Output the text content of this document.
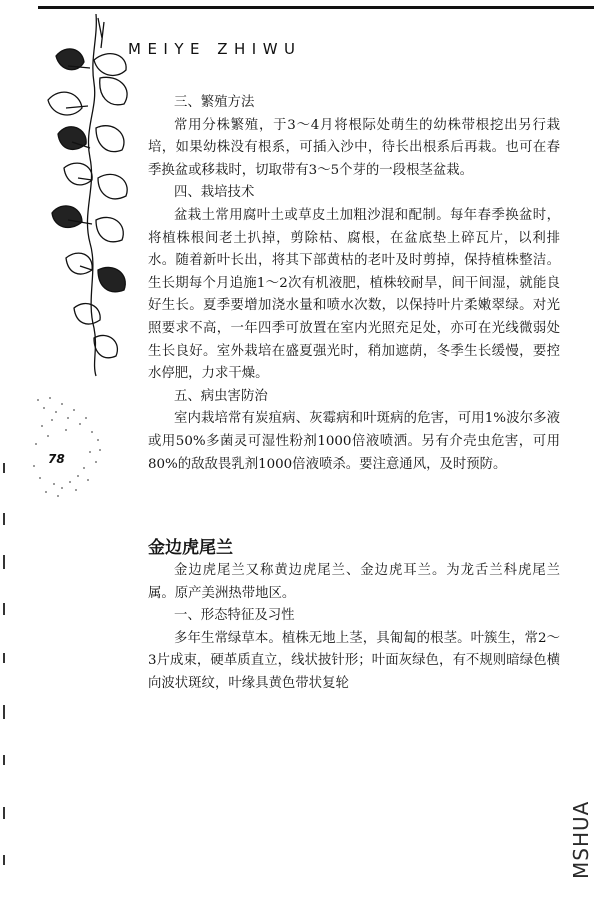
MEIYE ZHIWU
78

三、繁殖方法

常用分株繁殖，于3～4月将根际处萌生的幼株带根挖出另行栽培，如果幼株没有根系，可插入沙中，待长出根系后再栽。也可在春季换盆或移栽时，切取带有3～5个芽的一段根茎盆栽。

四、栽培技术

盆栽土常用腐叶土或草皮土加粗沙混和配制。每年春季换盆时，将植株根间老土扒掉，剪除枯、腐根，在盆底垫上碎瓦片，以利排水。随着新叶长出，将其下部黄枯的老叶及时剪掉，保持植株整洁。生长期每个月追施1～2次有机液肥，植株较耐旱，间干间湿，就能良好生长。夏季要增加浇水量和喷水次数，以保持叶片柔嫩翠绿。对光照要求不高，一年四季可放置在室内光照充足处，亦可在光线微弱处生长良好。室外栽培在盛夏强光时，稍加遮荫，冬季生长缓慢，要控水停肥，力求干燥。

五、病虫害防治

室内栽培常有炭疽病、灰霉病和叶斑病的危害，可用1%波尔多液或用50%多菌灵可湿性粉剂1000倍液喷洒。另有介壳虫危害，可用80%的敌敌畏乳剂1000倍液喷杀。要注意通风，及时预防。

金边虎尾兰

金边虎尾兰又称黄边虎尾兰、金边虎耳兰。为龙舌兰科虎尾兰属。原产美洲热带地区。

一、形态特征及习性

多年生常绿草本。植株无地上茎，具匍匐的根茎。叶簇生，常2～3片成束，硬革质直立，线状披针形；叶面灰绿色，有不规则暗绿色横向波状斑纹，叶缘具黄色带状复轮

MSHUA
